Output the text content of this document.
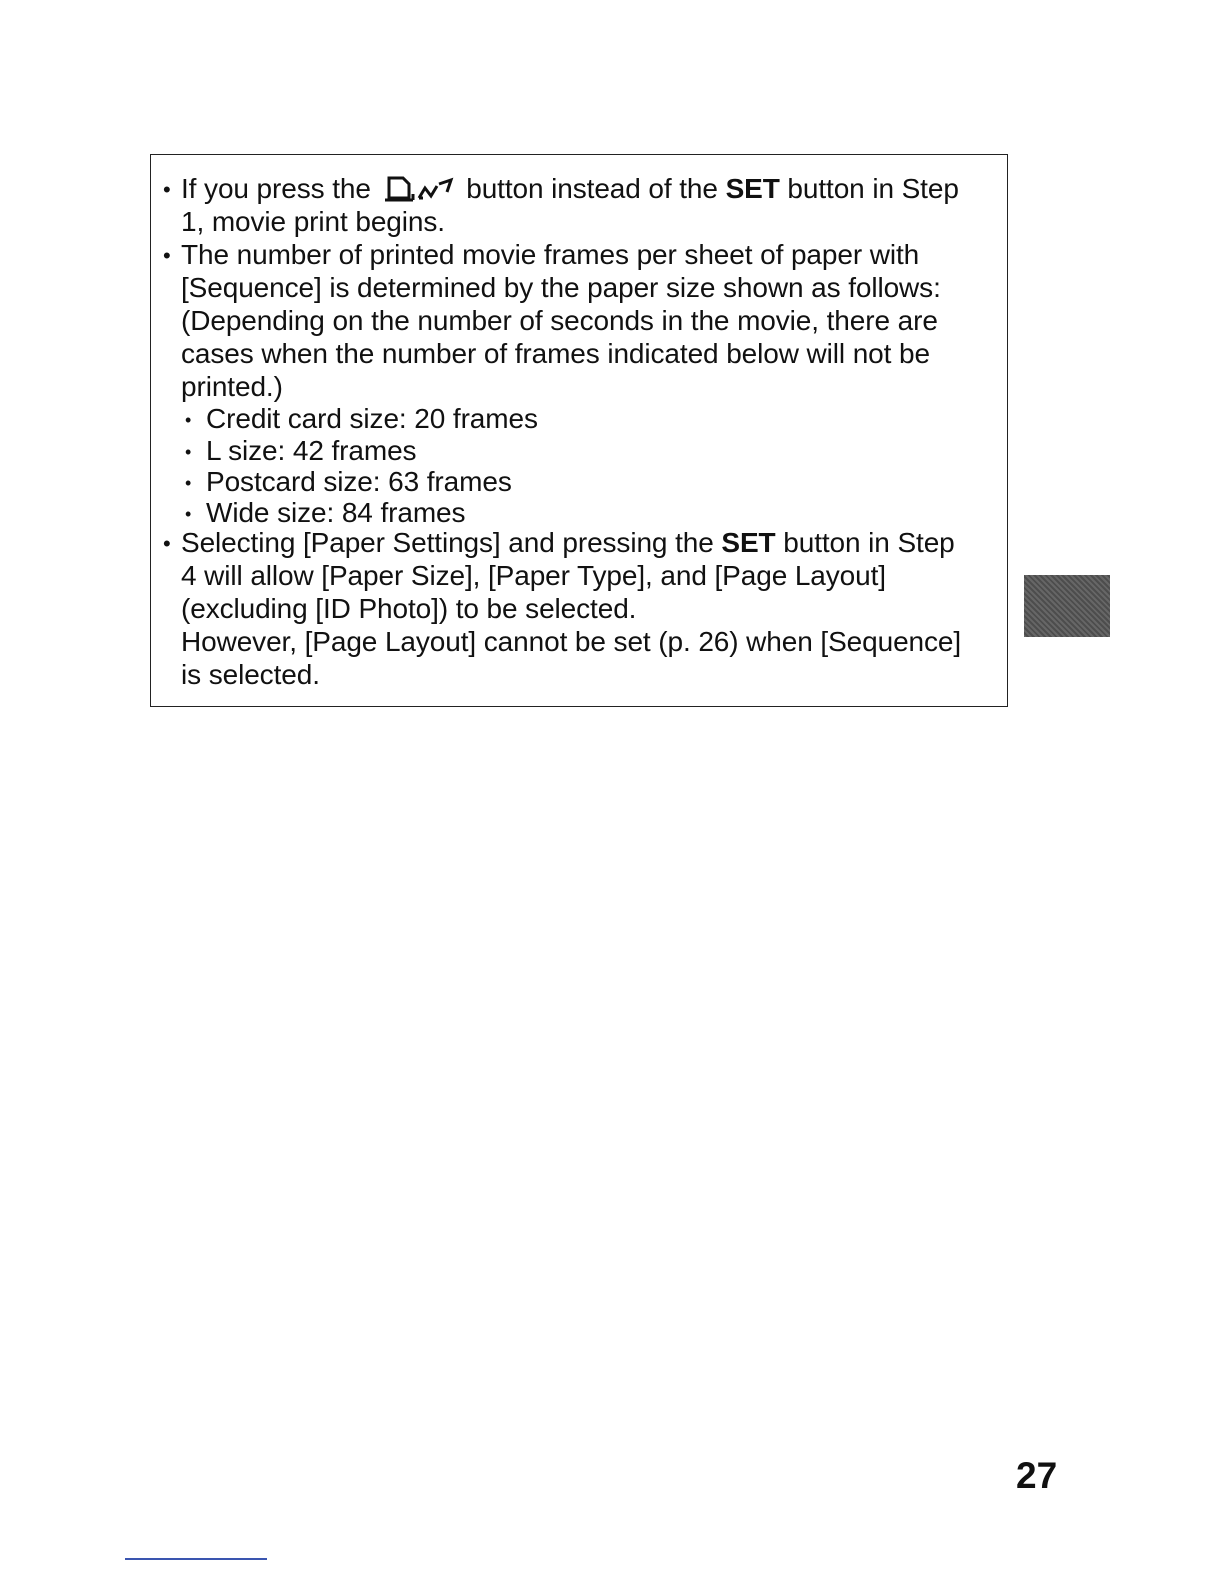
• If you press the	button instead of the SET button in Step
1, movie print begins.
• The number of printed movie frames per sheet of paper with
[Sequence] is determined by the paper size shown as follows:
(Depending on the number of seconds in the movie, there are
cases when the number of frames indicated below will not be
printed.)
• Credit card size: 20 frames
• L size: 42 frames
• Postcard size: 63 frames
• Wide size: 84 frames
• Selecting [Paper Settings] and pressing the SET button in Step
4 will allow [Paper Size], [Paper Type], and [Page Layout]
(excluding [ID Photo]) to be selected.
However, [Page Layout] cannot be set (p. 26) when [Sequence]
is selected.
27
